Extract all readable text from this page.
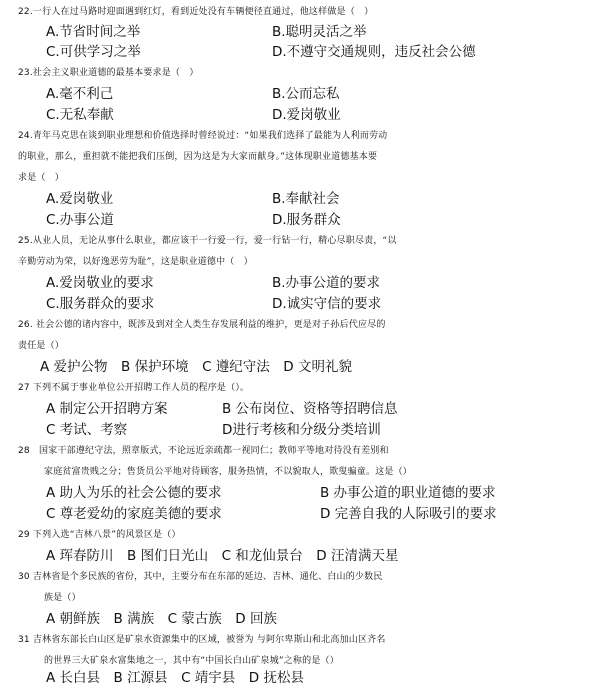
22.一行人在过马路时迎面遇到红灯，看到近处没有车辆便径直通过，他这样做是（　）
A.节省时间之举	B.聪明灵活之举
C.可供学习之举	D.不遵守交通规则，违反社会公德
23.社会主义职业道德的最基本要求是（　）
A.毫不利己	B.公而忘私
C.无私奉献	D.爱岗敬业
24.青年马克思在谈到职业理想和价值选择时曾经说过：“如果我们选择了最能为人利而劳动
的职业，那么，重担就不能把我们压倒，因为这是为大家而献身。”这体现职业道德基本要
求是（　）
A.爱岗敬业	B.奉献社会
C.办事公道	D.服务群众
25.从业人员，无论从事什么职业，都应该干一行爱一行，爱一行钻一行，精心尽职尽责，“以
辛勤劳动为荣，以好逸恶劳为耻”，这是职业道德中（　）
A.爱岗敬业的要求	B.办事公道的要求
C.服务群众的要求	D.诚实守信的要求
26. 社会公德的诸内容中，既涉及到对全人类生存发展利益的维护，更是对子孙后代应尽的
责任是（）
A 爱护公物　B 保护环境　C 遵纪守法　D 文明礼貌
27 下列不属于事业单位公开招聘工作人员的程序是（）。
A 制定公开招聘方案	B 公布岗位、资格等招聘信息
C 考试、考察	D进行考核和分级分类培训
28　国家干部遵纪守法，照章版式，不论远近亲疏都一视同仁；教师平等地对待没有差别和
家庭贫富贵贱之分；售货员公平地对待顾客，服务热情，不以貌取人，欺叟骗童。这是（）
A 助人为乐的社会公德的要求	B 办事公道的职业道德的要求
C 尊老爱幼的家庭美德的要求	D 完善自我的人际吸引的要求
29 下列入选“吉林八景”的风景区是（）
A 珲春防川　B 图们日光山　C 和龙仙景台　D 汪清满天星
30 吉林省是个多民族的省份，其中，主要分布在东部的延边、吉林、通化、白山的少数民
族是（）
A 朝鲜族　B 满族　C 蒙古族　D 回族
31 吉林省东部长白山区是矿泉水资源集中的区域，被誉为 与阿尔卑斯山和北高加山区齐名
的世界三大矿泉水富集地之一，其中有“中国长白山矿泉城”之称的是（）
A 长白县　B 江源县　C 靖宇县　D 抚松县
